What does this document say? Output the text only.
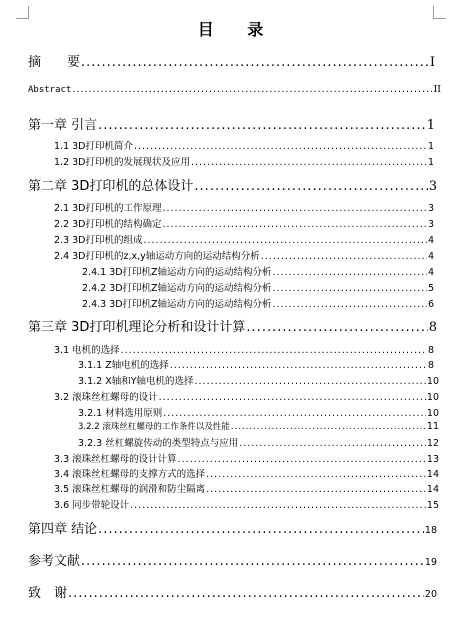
目 录
摘　　要 .....	I
Abstract .....	II
第一章 引言 .....	1
1.1 3D打印机简介 .....	1
1.2 3D打印机的发展现状及应用 .....	1
第二章 3D打印机的总体设计 .....	3
2.1 3D打印机的工作原理 .....	3
2.2 3D打印机的结构确定 .....	3
2.3 3D打印机的组成 .....	4
2.4 3D打印机的z,x,y轴运动方向的运动结构分析 .....	4
2.4.1 3D打印机Z轴运动方向的运动结构分析 .....	4
2.4.2 3D打印机Z轴运动方向的运动结构分析 .....	5
2.4.3 3D打印机Z轴运动方向的运动结构分析 .....	6
第三章 3D打印机理论分析和设计计算 .....	8
3.1 电机的选择 .....	8
3.1.1 Z轴电机的选择 .....	8
3.1.2 X轴和Y轴电机的选择 .....	10
3.2 滚珠丝杠螺母的设计 .....	10
3.2.1 材料选用原则 .....	10
3.2.2 滚珠丝杠螺母的工作条件以及性能 .....	11
3.2.3 丝杠螺旋传动的类型特点与应用 .....	12
3.3 滚珠丝杠螺母的设计计算 .....	13
3.4 滚珠丝杠螺母的支撑方式的选择 .....	14
3.5 滚珠丝杠螺母的润滑和防尘隔离 .....	14
3.6 同步带轮设计 .....	15
第四章 结论 .....	18
参考文献 .....	19
致　谢 .....	20
